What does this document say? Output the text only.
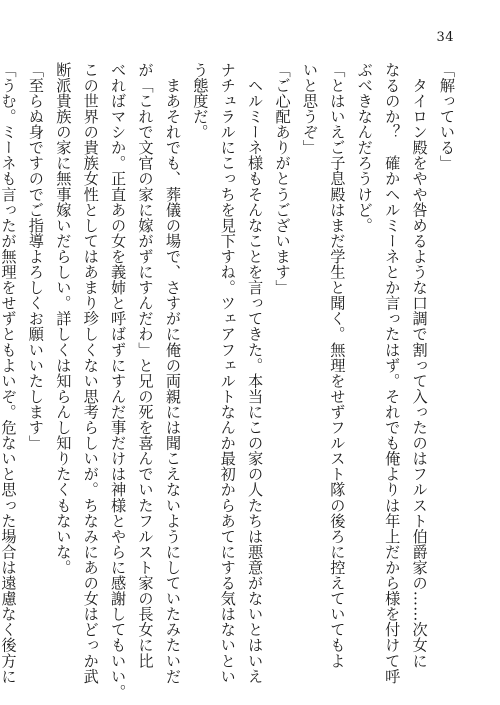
34

「解っている」

　タイロン殿をやや咎めるような口調で割って入ったのはフルスト伯爵家の……次女に

なるのか？　確かヘルミーネとか言ったはず。それでも俺よりは年上だから様を付けて呼

ぶべきなんだろうけど。

「とはいえご子息殿はまだ学生と聞く。無理をせずフルスト隊の後ろに控えていてもよ

いと思うぞ」

「ご心配ありがとうございます」

　ヘルミーネ様もそんなことを言ってきた。本当にこの家の人たちは悪意がないとはいえ

ナチュラルにこっちを見下すね。ツェアフェルトなんか最初からあてにする気はないとい

う態度だ。

　まあそれでも、葬儀の場で、さすがに俺の両親には聞こえないようにしていたみたいだ

が「これで文官の家に嫁がずにすんだわ」と兄の死を喜んでいたフルスト家の長女に比

べればマシか。正直あの女を義姉と呼ばずにすんだ事だけは神様とやらに感謝してもいい。

この世界の貴族女性としてはあまり珍しくない思考らしいが。ちなみにあの女はどっか武

断派貴族の家に無事嫁いだらしい。詳しくは知らんし知りたくもないな。

「至らぬ身ですのでご指導よろしくお願いいたします」

「うむ。ミーネも言ったが無理をせずともよいぞ。危ないと思った場合は遠慮なく後方に
